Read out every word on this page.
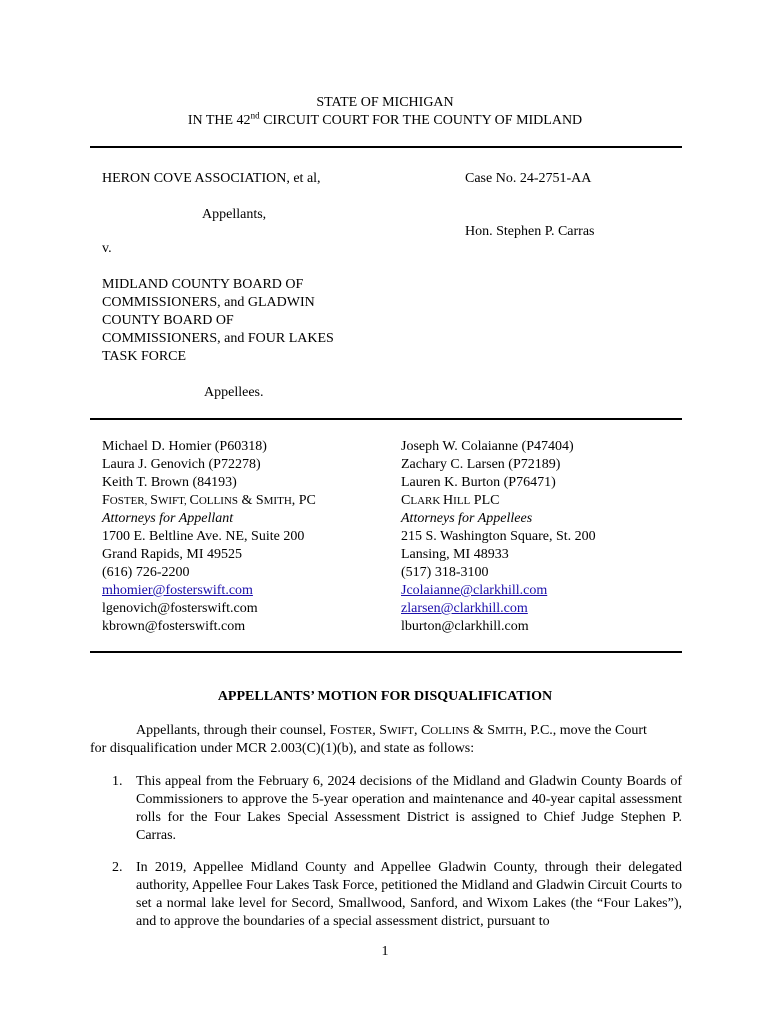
STATE OF MICHIGAN
IN THE 42nd CIRCUIT COURT FOR THE COUNTY OF MIDLAND
HERON COVE ASSOCIATION, et al,
Appellants,
v.
MIDLAND COUNTY BOARD OF
COMMISSIONERS, and GLADWIN
COUNTY BOARD OF
COMMISSIONERS, and FOUR LAKES
TASK FORCE
Appellees.
Case No. 24-2751-AA
Hon. Stephen P. Carras
Michael D. Homier (P60318)
Laura J. Genovich (P72278)
Keith T. Brown (84193)
FOSTER, SWIFT, COLLINS & SMITH, PC
Attorneys for Appellant
1700 E. Beltline Ave. NE, Suite 200
Grand Rapids, MI 49525
(616) 726-2200
mhomier@fosterswift.com
lgenovich@fosterswift.com
kbrown@fosterswift.com
Joseph W. Colaianne (P47404)
Zachary C. Larsen (P72189)
Lauren K. Burton (P76471)
CLARK HILL PLC
Attorneys for Appellees
215 S. Washington Square, St. 200
Lansing, MI 48933
(517) 318-3100
Jcolaianne@clarkhill.com
zlarsen@clarkhill.com
lburton@clarkhill.com
APPELLANTS’ MOTION FOR DISQUALIFICATION
Appellants, through their counsel, FOSTER, SWIFT, COLLINS & SMITH, P.C., move the Court
for disqualification under MCR 2.003(C)(1)(b), and state as follows:
1. This appeal from the February 6, 2024 decisions of the Midland and Gladwin County Boards of Commissioners to approve the 5-year operation and maintenance and 40-year capital assessment rolls for the Four Lakes Special Assessment District is assigned to Chief Judge Stephen P. Carras.
2. In 2019, Appellee Midland County and Appellee Gladwin County, through their delegated authority, Appellee Four Lakes Task Force, petitioned the Midland and Gladwin Circuit Courts to set a normal lake level for Secord, Smallwood, Sanford, and Wixom Lakes (the “Four Lakes”), and to approve the boundaries of a special assessment district, pursuant to
1
